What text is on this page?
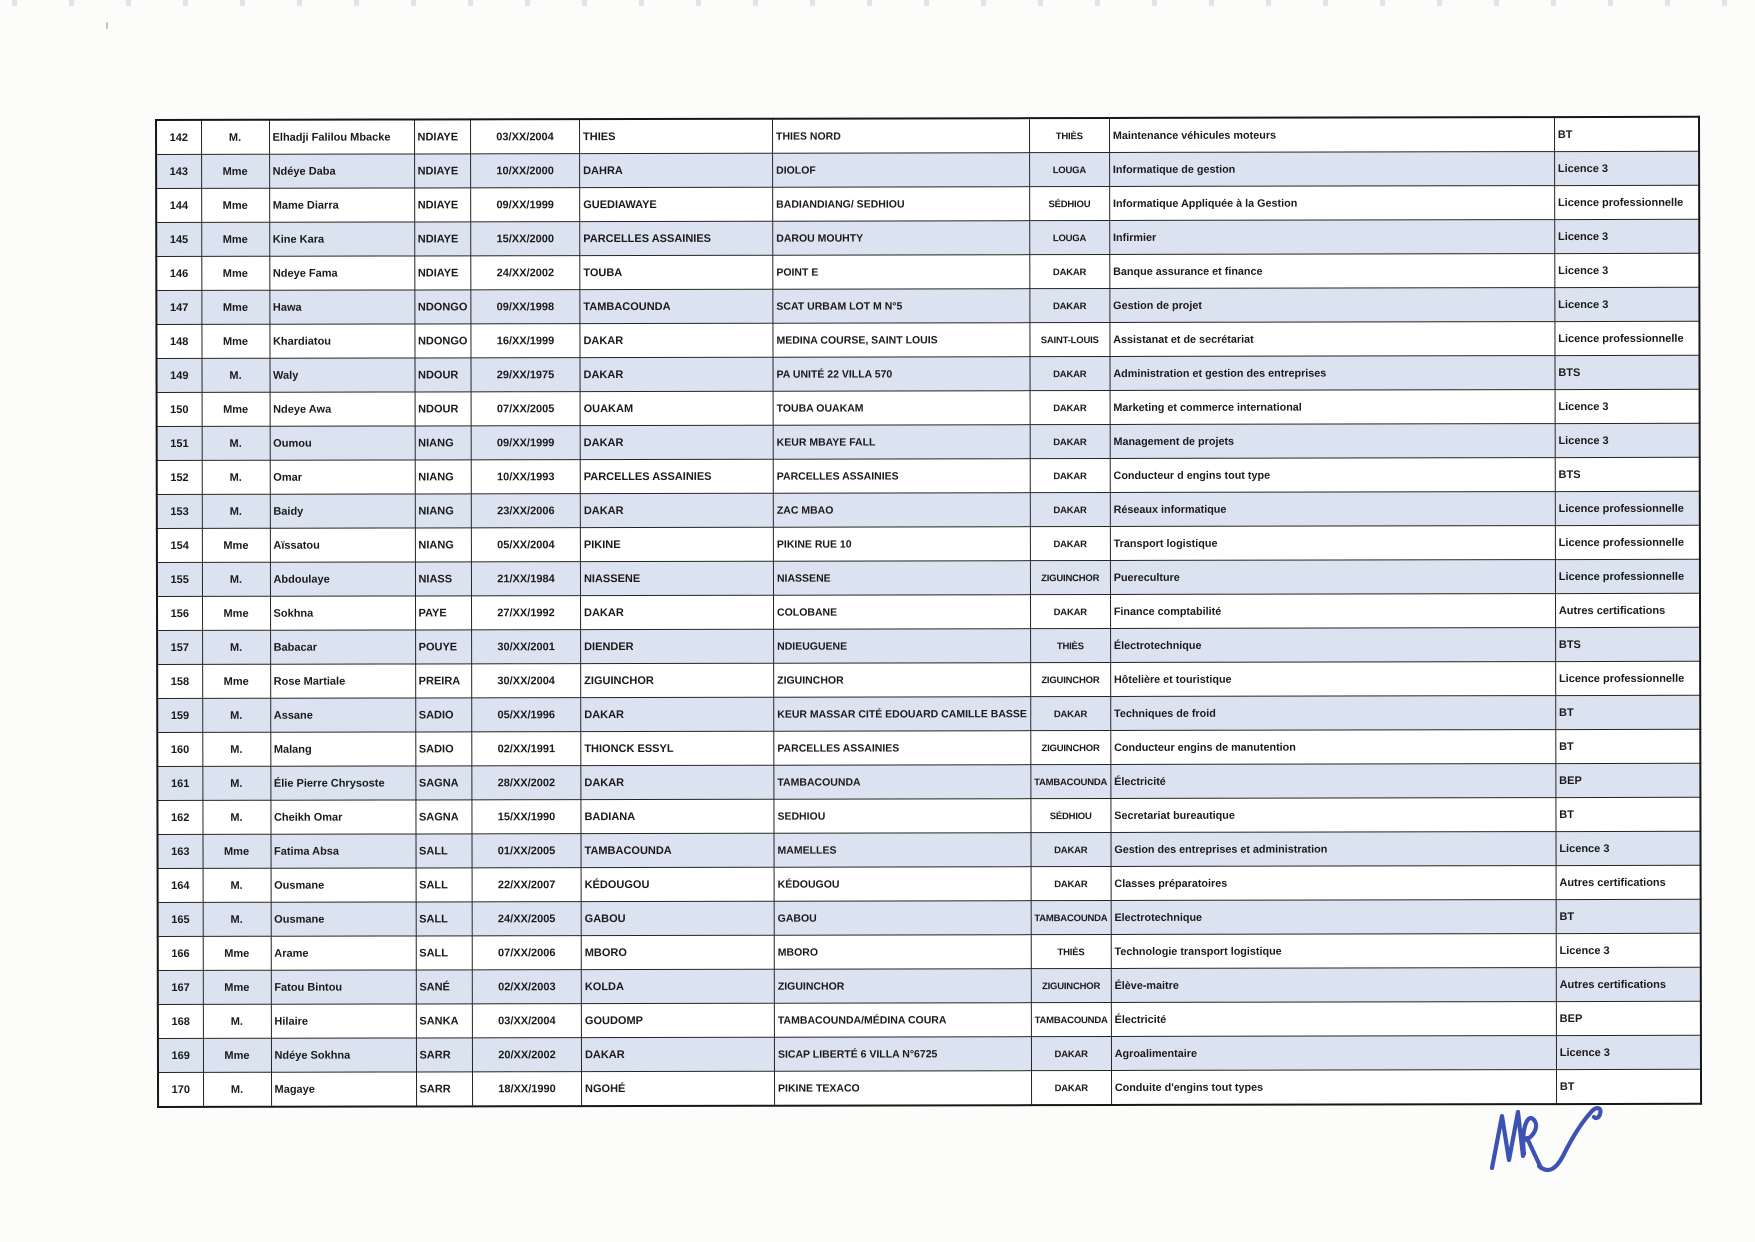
142	M.	Elhadji Falilou Mbacke	NDIAYE	03/XX/2004	THIES	THIES NORD	THIÈS	Maintenance véhicules moteurs	BT
143	Mme	Ndéye Daba	NDIAYE	10/XX/2000	DAHRA	DIOLOF	LOUGA	Informatique de gestion	Licence 3
144	Mme	Mame Diarra	NDIAYE	09/XX/1999	GUEDIAWAYE	BADIANDIANG/ SEDHIOU	SÉDHIOU	Informatique Appliquée à la Gestion	Licence professionnelle
145	Mme	Kine Kara	NDIAYE	15/XX/2000	PARCELLES ASSAINIES	DAROU MOUHTY	LOUGA	Infirmier	Licence 3
146	Mme	Ndeye Fama	NDIAYE	24/XX/2002	TOUBA	POINT E	DAKAR	Banque assurance et finance	Licence 3
147	Mme	Hawa	NDONGO	09/XX/1998	TAMBACOUNDA	SCAT URBAM LOT M N°5	DAKAR	Gestion de projet	Licence 3
148	Mme	Khardiatou	NDONGO	16/XX/1999	DAKAR	MEDINA COURSE, SAINT LOUIS	SAINT-LOUIS	Assistanat et de secrétariat	Licence professionnelle
149	M.	Waly	NDOUR	29/XX/1975	DAKAR	PA UNITÉ 22 VILLA 570	DAKAR	Administration et gestion des entreprises	BTS
150	Mme	Ndeye Awa	NDOUR	07/XX/2005	OUAKAM	TOUBA OUAKAM	DAKAR	Marketing et commerce international	Licence 3
151	M.	Oumou	NIANG	09/XX/1999	DAKAR	KEUR MBAYE FALL	DAKAR	Management de projets	Licence 3
152	M.	Omar	NIANG	10/XX/1993	PARCELLES ASSAINIES	PARCELLES ASSAINIES	DAKAR	Conducteur d engins tout type	BTS
153	M.	Baidy	NIANG	23/XX/2006	DAKAR	ZAC MBAO	DAKAR	Réseaux informatique	Licence professionnelle
154	Mme	Aïssatou	NIANG	05/XX/2004	PIKINE	PIKINE RUE 10	DAKAR	Transport logistique	Licence professionnelle
155	M.	Abdoulaye	NIASS	21/XX/1984	NIASSENE	NIASSENE	ZIGUINCHOR	Puereculture	Licence professionnelle
156	Mme	Sokhna	PAYE	27/XX/1992	DAKAR	COLOBANE	DAKAR	Finance comptabilité	Autres certifications
157	M.	Babacar	POUYE	30/XX/2001	DIENDER	NDIEUGUENE	THIÈS	Électrotechnique	BTS
158	Mme	Rose Martiale	PREIRA	30/XX/2004	ZIGUINCHOR	ZIGUINCHOR	ZIGUINCHOR	Hôtelière et touristique	Licence professionnelle
159	M.	Assane	SADIO	05/XX/1996	DAKAR	KEUR MASSAR CITÉ EDOUARD CAMILLE BASSE	DAKAR	Techniques de froid	BT
160	M.	Malang	SADIO	02/XX/1991	THIONCK ESSYL	PARCELLES ASSAINIES	ZIGUINCHOR	Conducteur engins de manutention	BT
161	M.	Élie Pierre Chrysoste	SAGNA	28/XX/2002	DAKAR	TAMBACOUNDA	TAMBACOUNDA	Électricité	BEP
162	M.	Cheikh Omar	SAGNA	15/XX/1990	BADIANA	SEDHIOU	SÉDHIOU	Secretariat bureautique	BT
163	Mme	Fatima Absa	SALL	01/XX/2005	TAMBACOUNDA	MAMELLES	DAKAR	Gestion des entreprises et administration	Licence 3
164	M.	Ousmane	SALL	22/XX/2007	KÉDOUGOU	KÉDOUGOU	DAKAR	Classes préparatoires	Autres certifications
165	M.	Ousmane	SALL	24/XX/2005	GABOU	GABOU	TAMBACOUNDA	Electrotechnique	BT
166	Mme	Arame	SALL	07/XX/2006	MBORO	MBORO	THIÈS	Technologie transport logistique	Licence 3
167	Mme	Fatou Bintou	SANÉ	02/XX/2003	KOLDA	ZIGUINCHOR	ZIGUINCHOR	Élève-maitre	Autres certifications
168	M.	Hilaire	SANKA	03/XX/2004	GOUDOMP	TAMBACOUNDA/MÉDINA COURA	TAMBACOUNDA	Électricité	BEP
169	Mme	Ndéye Sokhna	SARR	20/XX/2002	DAKAR	SICAP LIBERTÉ 6 VILLA N°6725	DAKAR	Agroalimentaire	Licence 3
170	M.	Magaye	SARR	18/XX/1990	NGOHÉ	PIKINE TEXACO	DAKAR	Conduite d'engins tout types	BT
